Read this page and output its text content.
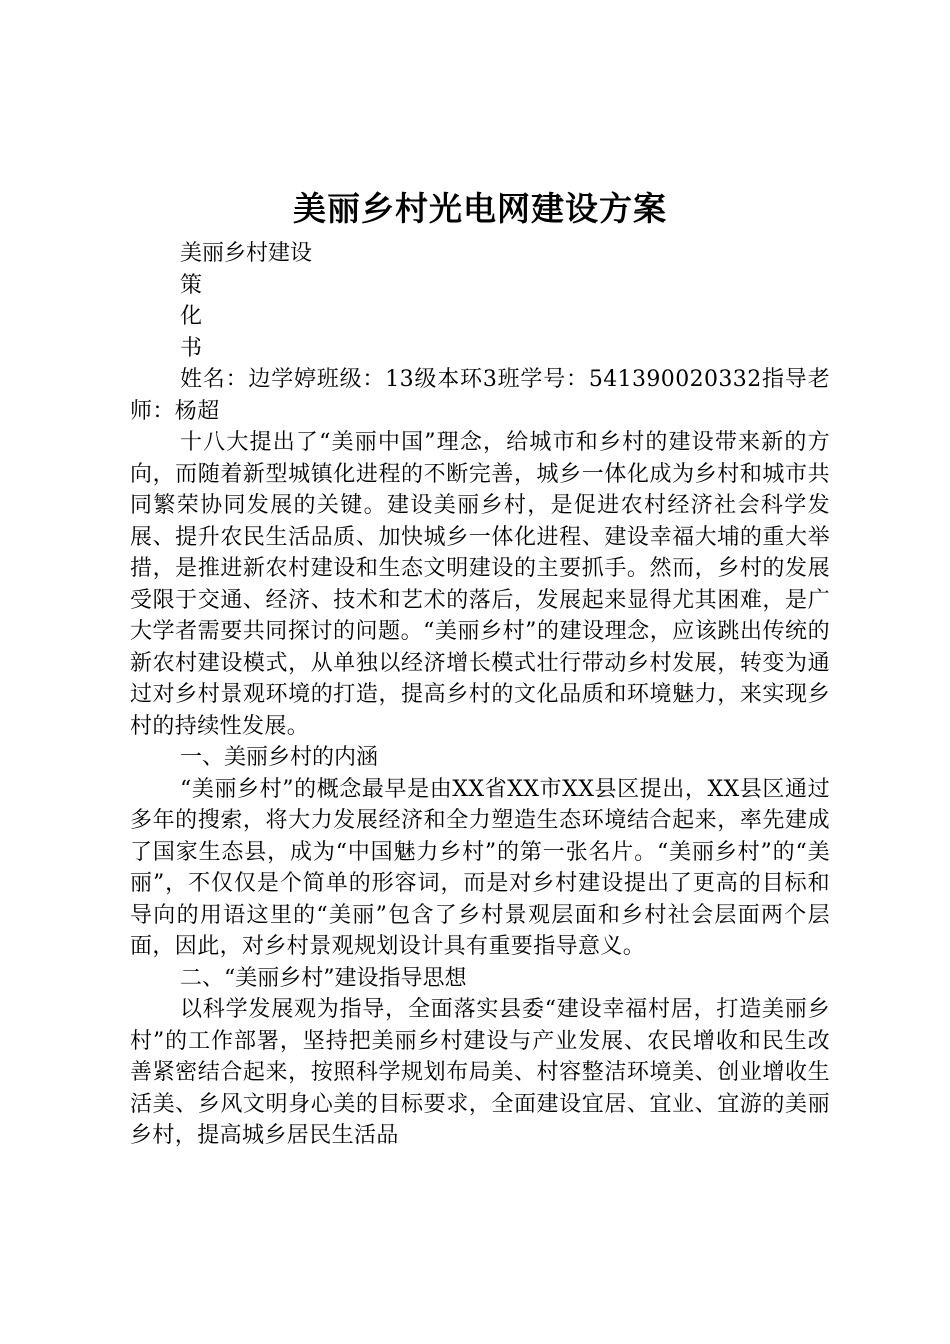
美丽乡村光电网建设方案

美丽乡村建设

策

化

书

姓名：边学婷班级：13级本环3班学号：541390020332指导老师：杨超

十八大提出了“美丽中国”理念，给城市和乡村的建设带来新的方向，而随着新型城镇化进程的不断完善，城乡一体化成为乡村和城市共同繁荣协同发展的关键。建设美丽乡村，是促进农村经济社会科学发展、提升农民生活品质、加快城乡一体化进程、建设幸福大埔的重大举措，是推进新农村建设和生态文明建设的主要抓手。然而，乡村的发展受限于交通、经济、技术和艺术的落后，发展起来显得尤其困难，是广大学者需要共同探讨的问题。“美丽乡村”的建设理念，应该跳出传统的新农村建设模式，从单独以经济增长模式壮行带动乡村发展，转变为通过对乡村景观环境的打造，提高乡村的文化品质和环境魅力，来实现乡村的持续性发展。

一、美丽乡村的内涵

“美丽乡村”的概念最早是由XX省XX市XX县区提出，XX县区通过多年的搜索，将大力发展经济和全力塑造生态环境结合起来，率先建成了国家生态县，成为“中国魅力乡村”的第一张名片。“美丽乡村”的“美丽”，不仅仅是个简单的形容词，而是对乡村建设提出了更高的目标和导向的用语这里的“美丽”包含了乡村景观层面和乡村社会层面两个层面，因此，对乡村景观规划设计具有重要指导意义。

二、“美丽乡村”建设指导思想

以科学发展观为指导，全面落实县委“建设幸福村居，打造美丽乡村”的工作部署，坚持把美丽乡村建设与产业发展、农民增收和民生改善紧密结合起来，按照科学规划布局美、村容整洁环境美、创业增收生活美、乡风文明身心美的目标要求，全面建设宜居、宜业、宜游的美丽乡村，提高城乡居民生活品
